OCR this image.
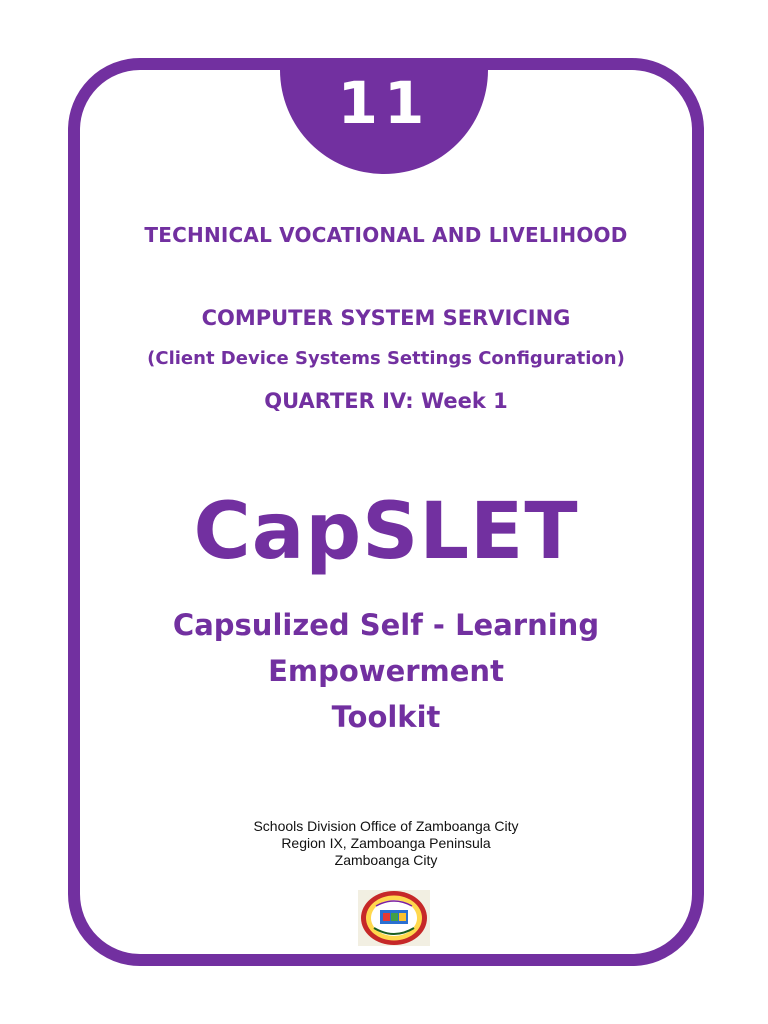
11
TECHNICAL VOCATIONAL AND LIVELIHOOD
COMPUTER SYSTEM SERVICING
(Client Device Systems Settings Configuration)
QUARTER IV: Week 1
CapSLET
Capsulized Self - Learning
Empowerment
Toolkit
Schools Division Office of Zamboanga City
Region IX, Zamboanga Peninsula
Zamboanga City
